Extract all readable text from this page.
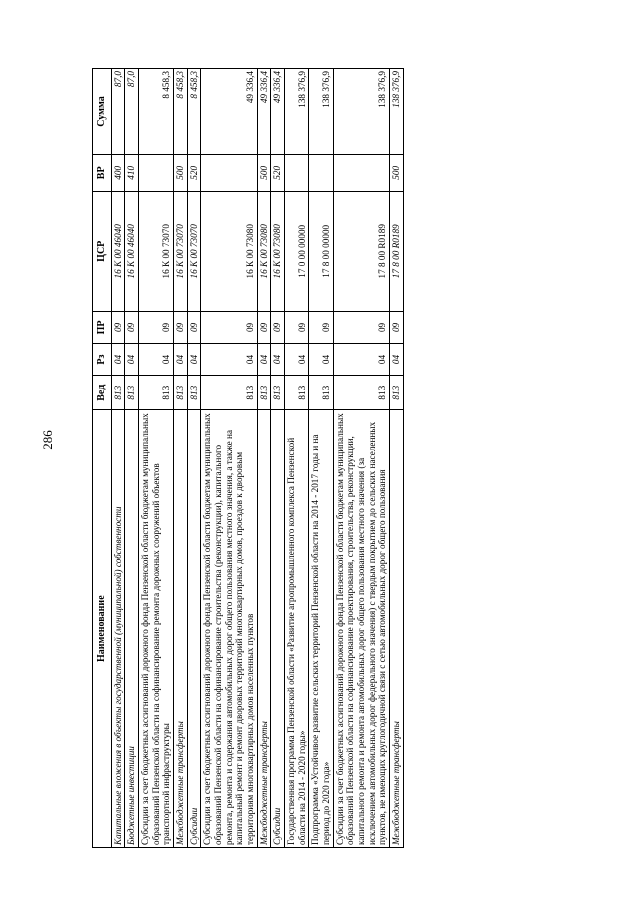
286
Наименование	Вед	Рз	ПР	ЦСР	ВР	Сумма
Капитальные вложения в объекты государственной (муниципальной) собственности	813	04	09	16 К 00 46040	400	87,0
Бюджетные инвестиции	813	04	09	16 К 00 46040	410	87,0
Субсидии за счет бюджетных ассигнований дорожного фонда Пензенской области бюджетам муниципальных образований Пензенской области на софинансирование ремонта дорожных сооружений объектов транспортной инфраструктуры	813	04	09	16 К 00 73070		8 458,3
Межбюджетные трансферты	813	04	09	16 К 00 73070	500	8 458,3
Субсидии	813	04	09	16 К 00 73070	520	8 458,3
Субсидии за счет бюджетных ассигнований дорожного фонда Пензенской области бюджетам муниципальных образований Пензенской области на софинансирование строительства (реконструкции), капитального ремонта, ремонта и содержания автомобильных дорог общего пользования местного значения, а также на капитальный ремонт и ремонт дворовых территорий многоквартирных домов, проездов к дворовым территориям многоквартирных домов населенных пунктов	813	04	09	16 К 00 73080		49 336,4
Межбюджетные трансферты	813	04	09	16 К 00 73080	500	49 336,4
Субсидии	813	04	09	16 К 00 73080	520	49 336,4
Государственная программа Пензенской области «Развитие агропромышленного комплекса Пензенской области на 2014 - 2020 годы»	813	04	09	17 0 00 00000		138 376,9
Подпрограмма «Устойчивое развитие сельских территорий Пензенской области на 2014 - 2017 годы и на период до 2020 года»	813	04	09	17 8 00 00000		138 376,9
Субсидии за счет бюджетных ассигнований дорожного фонда Пензенской области бюджетам муниципальных образований Пензенской области на софинансирование проектирования, строительства, реконструкции, капитального ремонта и ремонта автомобильных дорог общего пользования местного значения (за исключением автомобильных дорог федерального значения) с твердым покрытием до сельских населенных пунктов, не имеющих круглогодичной связи с сетью автомобильных дорог общего пользования	813	04	09	17 8 00 R0189		138 376,9
Межбюджетные трансферты	813	04	09	17 8 00 R0189	500	138 376,9
